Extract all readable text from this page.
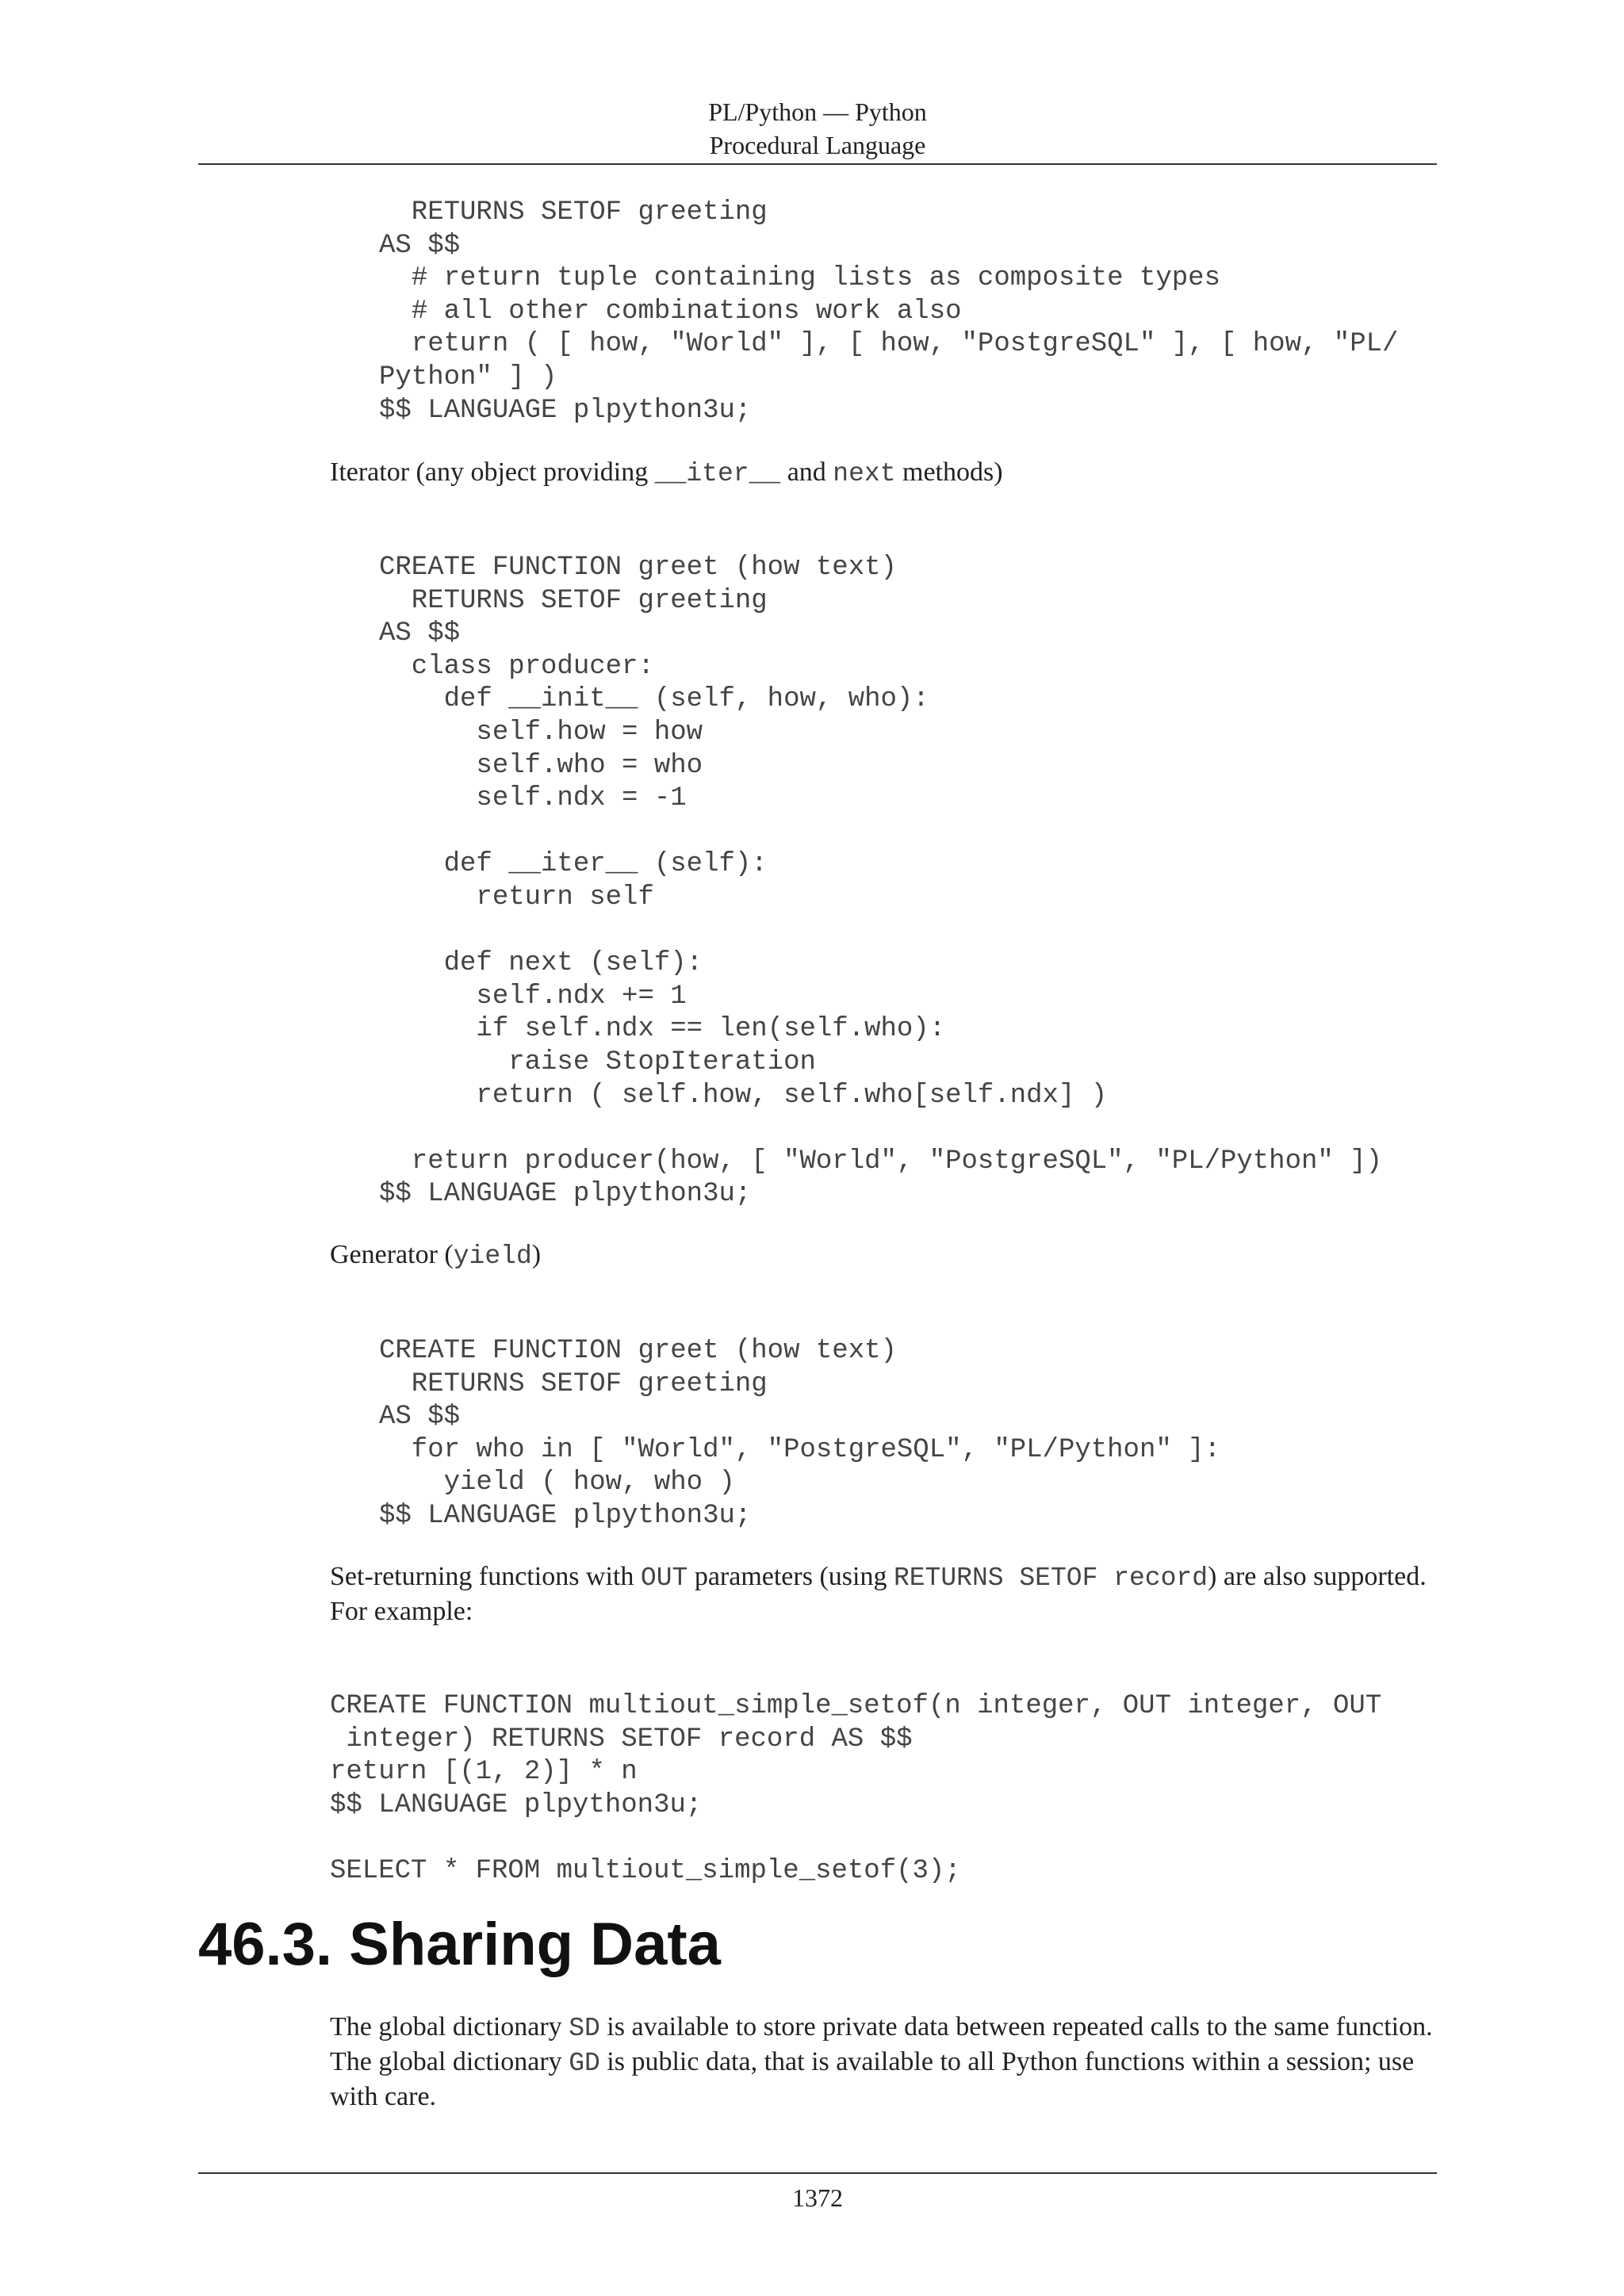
PL/Python — Python
Procedural Language
RETURNS SETOF greeting
AS $$
# return tuple containing lists as composite types
# all other combinations work also
return ( [ how, "World" ], [ how, "PostgreSQL" ], [ how, "PL/
Python" ] )
$$ LANGUAGE plpython3u;
Iterator (any object providing __iter__ and next methods)
CREATE FUNCTION greet (how text)
RETURNS SETOF greeting
AS $$
class producer:
def __init__ (self, how, who):
self.how = how
self.who = who
self.ndx = -1

def __iter__ (self):
return self

def next (self):
self.ndx += 1
if self.ndx == len(self.who):
raise StopIteration
return ( self.how, self.who[self.ndx] )

return producer(how, [ "World", "PostgreSQL", "PL/Python" ])
$$ LANGUAGE plpython3u;
Generator (yield)
CREATE FUNCTION greet (how text)
RETURNS SETOF greeting
AS $$
for who in [ "World", "PostgreSQL", "PL/Python" ]:
yield ( how, who )
$$ LANGUAGE plpython3u;
Set-returning functions with OUT parameters (using RETURNS SETOF record) are also supported. For example:
CREATE FUNCTION multiout_simple_setof(n integer, OUT integer, OUT
integer) RETURNS SETOF record AS $$
return [(1, 2)] * n
$$ LANGUAGE plpython3u;

SELECT * FROM multiout_simple_setof(3);
46.3. Sharing Data
The global dictionary SD is available to store private data between repeated calls to the same function. The global dictionary GD is public data, that is available to all Python functions within a session; use with care.
1372
